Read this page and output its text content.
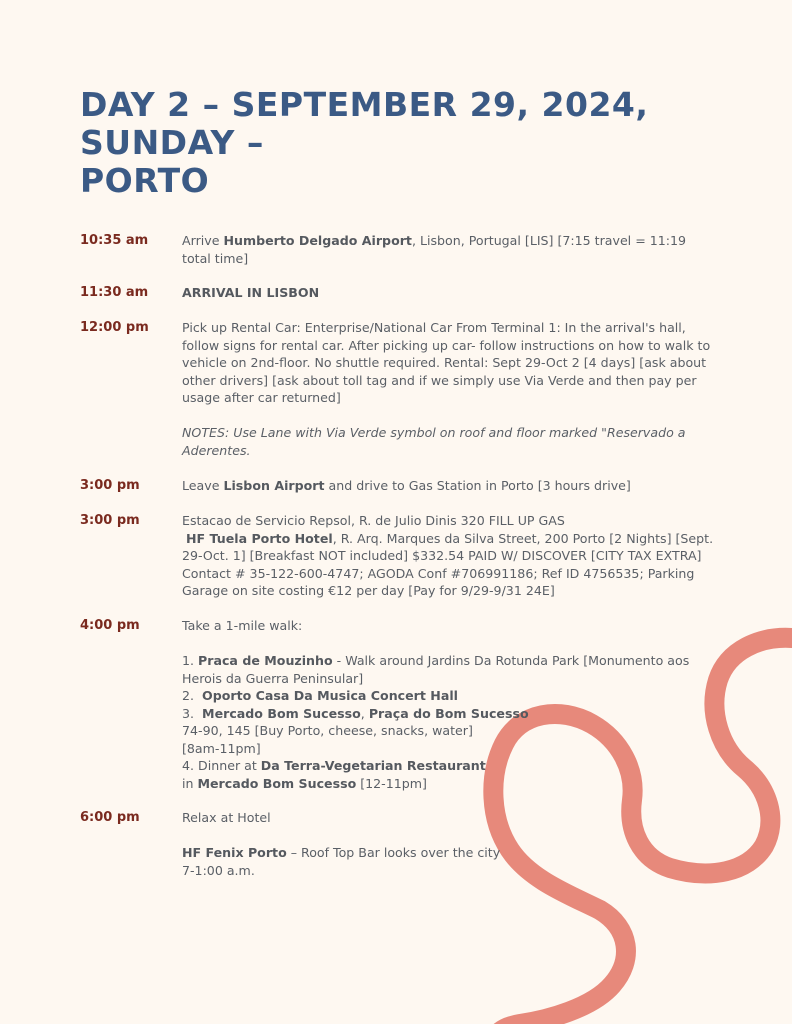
DAY 2 – SEPTEMBER 29, 2024, SUNDAY –
PORTO
10:35 am	Arrive Humberto Delgado Airport, Lisbon, Portugal [LIS] [7:15 travel = 11:19 total time]

11:30 am	ARRIVAL IN LISBON

12:00 pm	Pick up Rental Car: Enterprise/National Car From Terminal 1: In the arrival's hall, follow signs for rental car. After picking up car- follow instructions on how to walk to vehicle on 2nd-floor. No shuttle required. Rental: Sept 29-Oct 2 [4 days] [ask about other drivers] [ask about toll tag and if we simply use Via Verde and then pay per usage after car returned]

NOTES: Use Lane with Via Verde symbol on roof and floor marked "Reservado a Aderentes.

3:00 pm	Leave Lisbon Airport and drive to Gas Station in Porto [3 hours drive]

3:00 pm	Estacao de Servicio Repsol, R. de Julio Dinis 320 FILL UP GAS

HF Tuela Porto Hotel, R. Arq. Marques da Silva Street, 200 Porto [2 Nights] [Sept. 29-Oct. 1] [Breakfast NOT included] $332.54 PAID W/ DISCOVER [CITY TAX EXTRA] Contact # 35-122-600-4747; AGODA Conf #706991186; Ref ID 4756535; Parking Garage on site costing €12 per day [Pay for 9/29-9/31 24E]

4:00 pm	Take a 1-mile walk:

1. Praca de Mouzinho - Walk around Jardins Da Rotunda Park [Monumento aos Herois da Guerra Peninsular]

2.  Oporto Casa Da Musica Concert Hall

3.  Mercado Bom Sucesso, Praça do Bom Sucesso

74-90, 145 [Buy Porto, cheese, snacks, water]

[8am-11pm]

4. Dinner at Da Terra-Vegetarian Restaurant

in Mercado Bom Sucesso [12-11pm]

6:00 pm	Relax at Hotel

HF Fenix Porto – Roof Top Bar looks over the city

7-1:00 a.m.
